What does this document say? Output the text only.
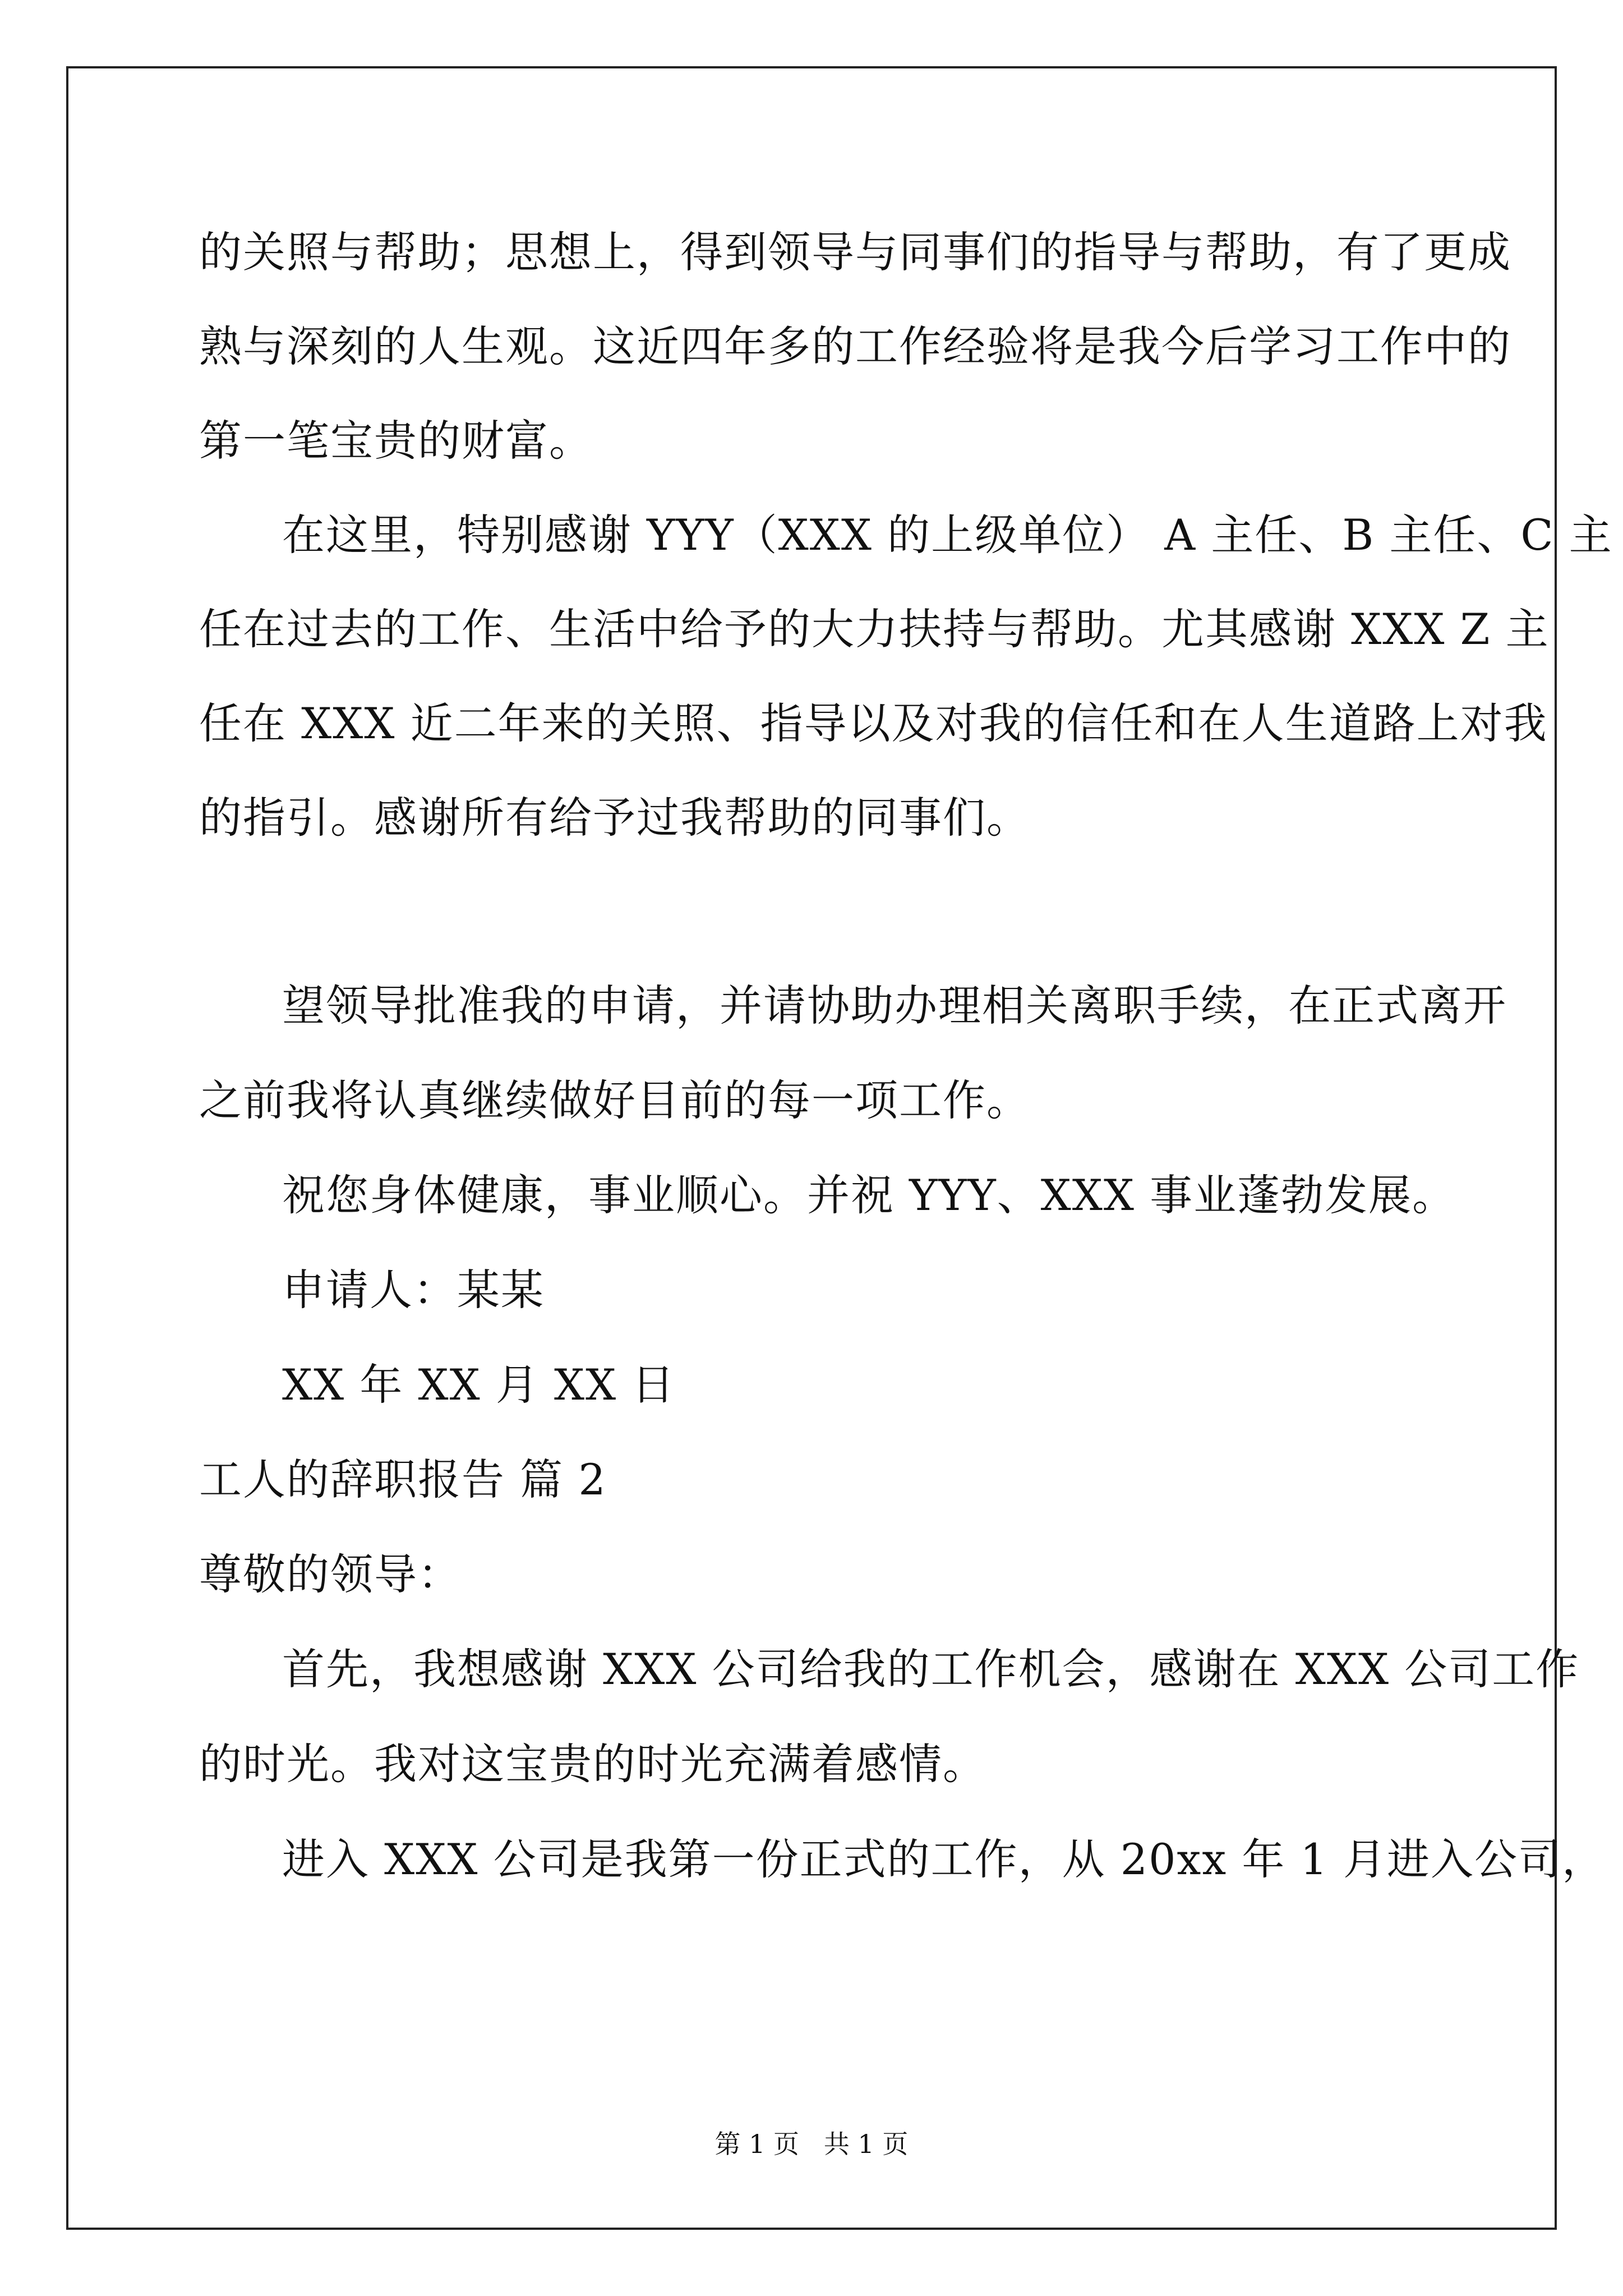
的关照与帮助；思想上，得到领导与同事们的指导与帮助，有了更成
熟与深刻的人生观。这近四年多的工作经验将是我今后学习工作中的
第一笔宝贵的财富。
在这里，特别感谢 YYY（XXX 的上级单位） A 主任、B 主任、C 主
任在过去的工作、生活中给予的大力扶持与帮助。尤其感谢 XXX Z 主
任在 XXX 近二年来的关照、指导以及对我的信任和在人生道路上对我
的指引。感谢所有给予过我帮助的同事们。
望领导批准我的申请，并请协助办理相关离职手续，在正式离开
之前我将认真继续做好目前的每一项工作。
祝您身体健康，事业顺心。并祝 YYY、XXX 事业蓬勃发展。
申请人：某某
XX 年 XX 月 XX 日
工人的辞职报告 篇 2
尊敬的领导：
首先，我想感谢 XXX 公司给我的工作机会，感谢在 XXX 公司工作
的时光。我对这宝贵的时光充满着感情。
进入 XXX 公司是我第一份正式的工作，从 20xx 年 1 月进入公司，
第 1 页   共 1 页
